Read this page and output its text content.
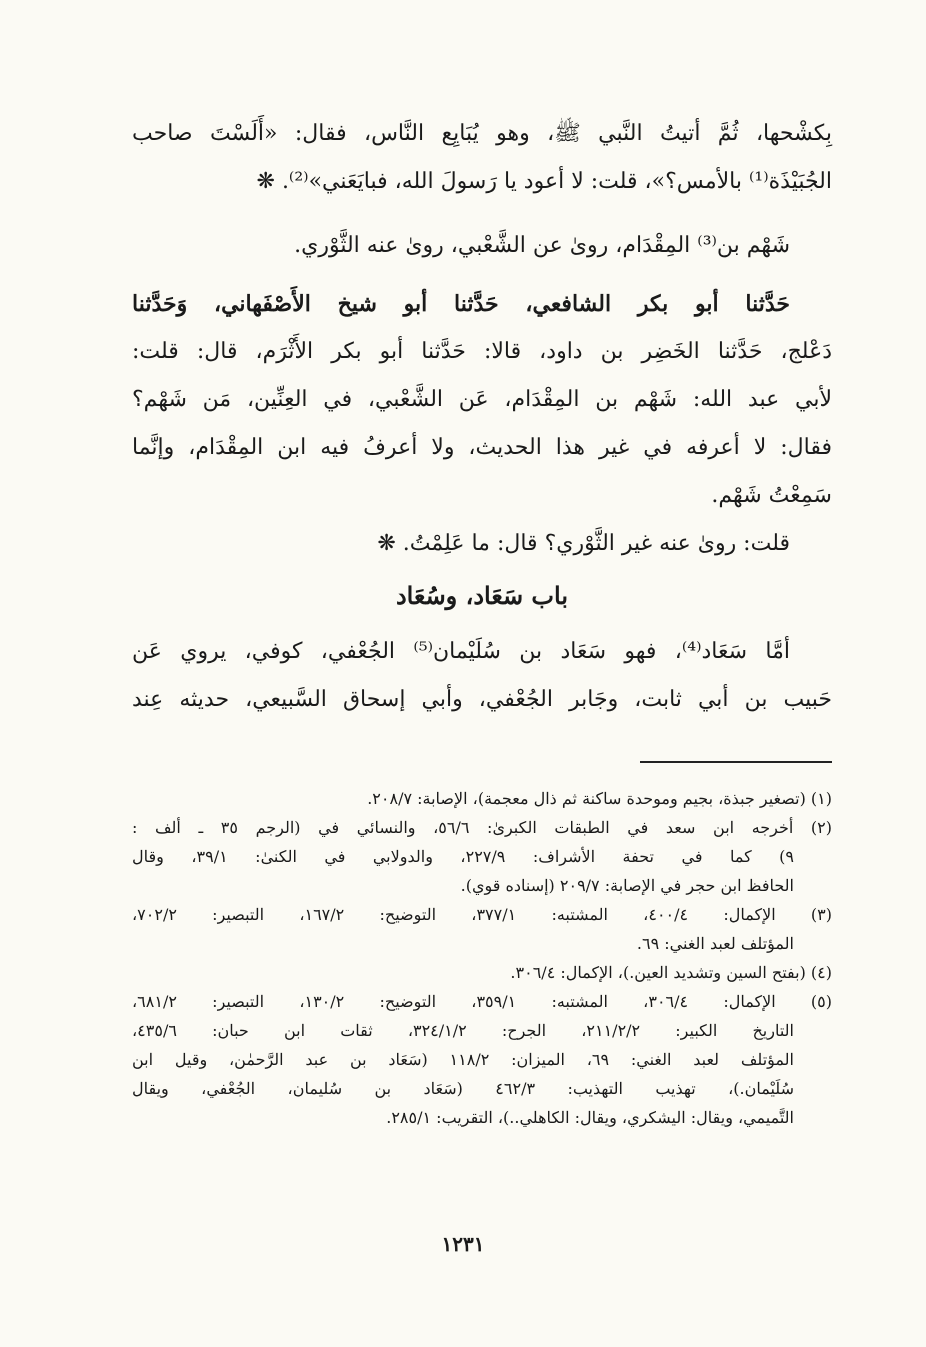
بِكشْحها، ثُمَّ أتيتُ النَّبي ﷺ، وهو يُبَايِع النَّاس، فقال: «أَلَسْتَ صاحب
الجُبَيْذَة⁽¹⁾ بالأمس؟»، قلت: لا أعود يا رَسولَ الله، فبايَعَني»⁽²⁾. ❋
شَهْم بن⁽³⁾ المِقْدَام، روىٰ عن الشَّعْبي، روىٰ عنه الثَّوْري.
حَدَّثنا أبو بكر الشافعي، حَدَّثنا أبو شيخ الأَصْفَهاني، وَحَدَّثنا
دَعْلج، حَدَّثنا الخَضِر بن داود، قالا: حَدَّثنا أبو بكر الأَثْرَم، قال: قلت:
لأبي عبد الله: شَهْم بن المِقْدَام، عَن الشَّعْبي، في العِنِّين، مَن شَهْم؟
فقال: لا أعرفه في غير هذا الحديث، ولا أعرفُ فيه ابن المِقْدَام، وإنَّما
سَمِعْتُ شَهْم.
قلت: روىٰ عنه غير الثَّوْري؟ قال: ما عَلِمْتُ. ❋
باب سَعَاد، وسُعَاد
أمَّا سَعَاد⁽⁴⁾، فهو سَعَاد بن سُلَيْمان⁽⁵⁾ الجُعْفي، كوفي، يروي عَن
حَبيب بن أبي ثابت، وجَابر الجُعْفي، وأبي إسحاق السَّبيعي، حديثه عِند
(١) (تصغير جبذة، بجيم وموحدة ساكنة ثم ذال معجمة)، الإصابة: ٢٠٨/٧.
(٢) أخرجه ابن سعد في الطبقات الكبرىٰ: ٥٦/٦، والنسائي في (الرجم ٣٥ ـ ألف :
٩) كما في تحفة الأشراف: ٢٢٧/٩، والدولابي في الكنىٰ: ٣٩/١، وقال
الحافظ ابن حجر في الإصابة: ٢٠٩/٧ (إسناده قوي).
(٣) الإكمال: ٤٠٠/٤، المشتبه: ٣٧٧/١، التوضيح: ١٦٧/٢، التبصير: ٧٠٢/٢،
المؤتلف لعبد الغني: ٦٩.
(٤) (بفتح السين وتشديد العين.)، الإكمال: ٣٠٦/٤.
(٥) الإكمال: ٣٠٦/٤، المشتبه: ٣٥٩/١، التوضيح: ١٣٠/٢، التبصير: ٦٨١/٢،
التاريخ الكبير: ٢١١/٢/٢، الجرح: ٣٢٤/١/٢، ثقات ابن حبان: ٤٣٥/٦،
المؤتلف لعبد الغني: ٦٩، الميزان: ١١٨/٢ (سَعَاد بن عبد الرَّحمٰن، وقيل ابن
سُلَيْمان.)، تهذيب التهذيب: ٤٦٢/٣ (سَعَاد بن سُليمان، الجُعْفي، ويقال
التَّميمي، ويقال: اليشكري، ويقال: الكاهلي..)، التقريب: ٢٨٥/١.
١٢٣١
